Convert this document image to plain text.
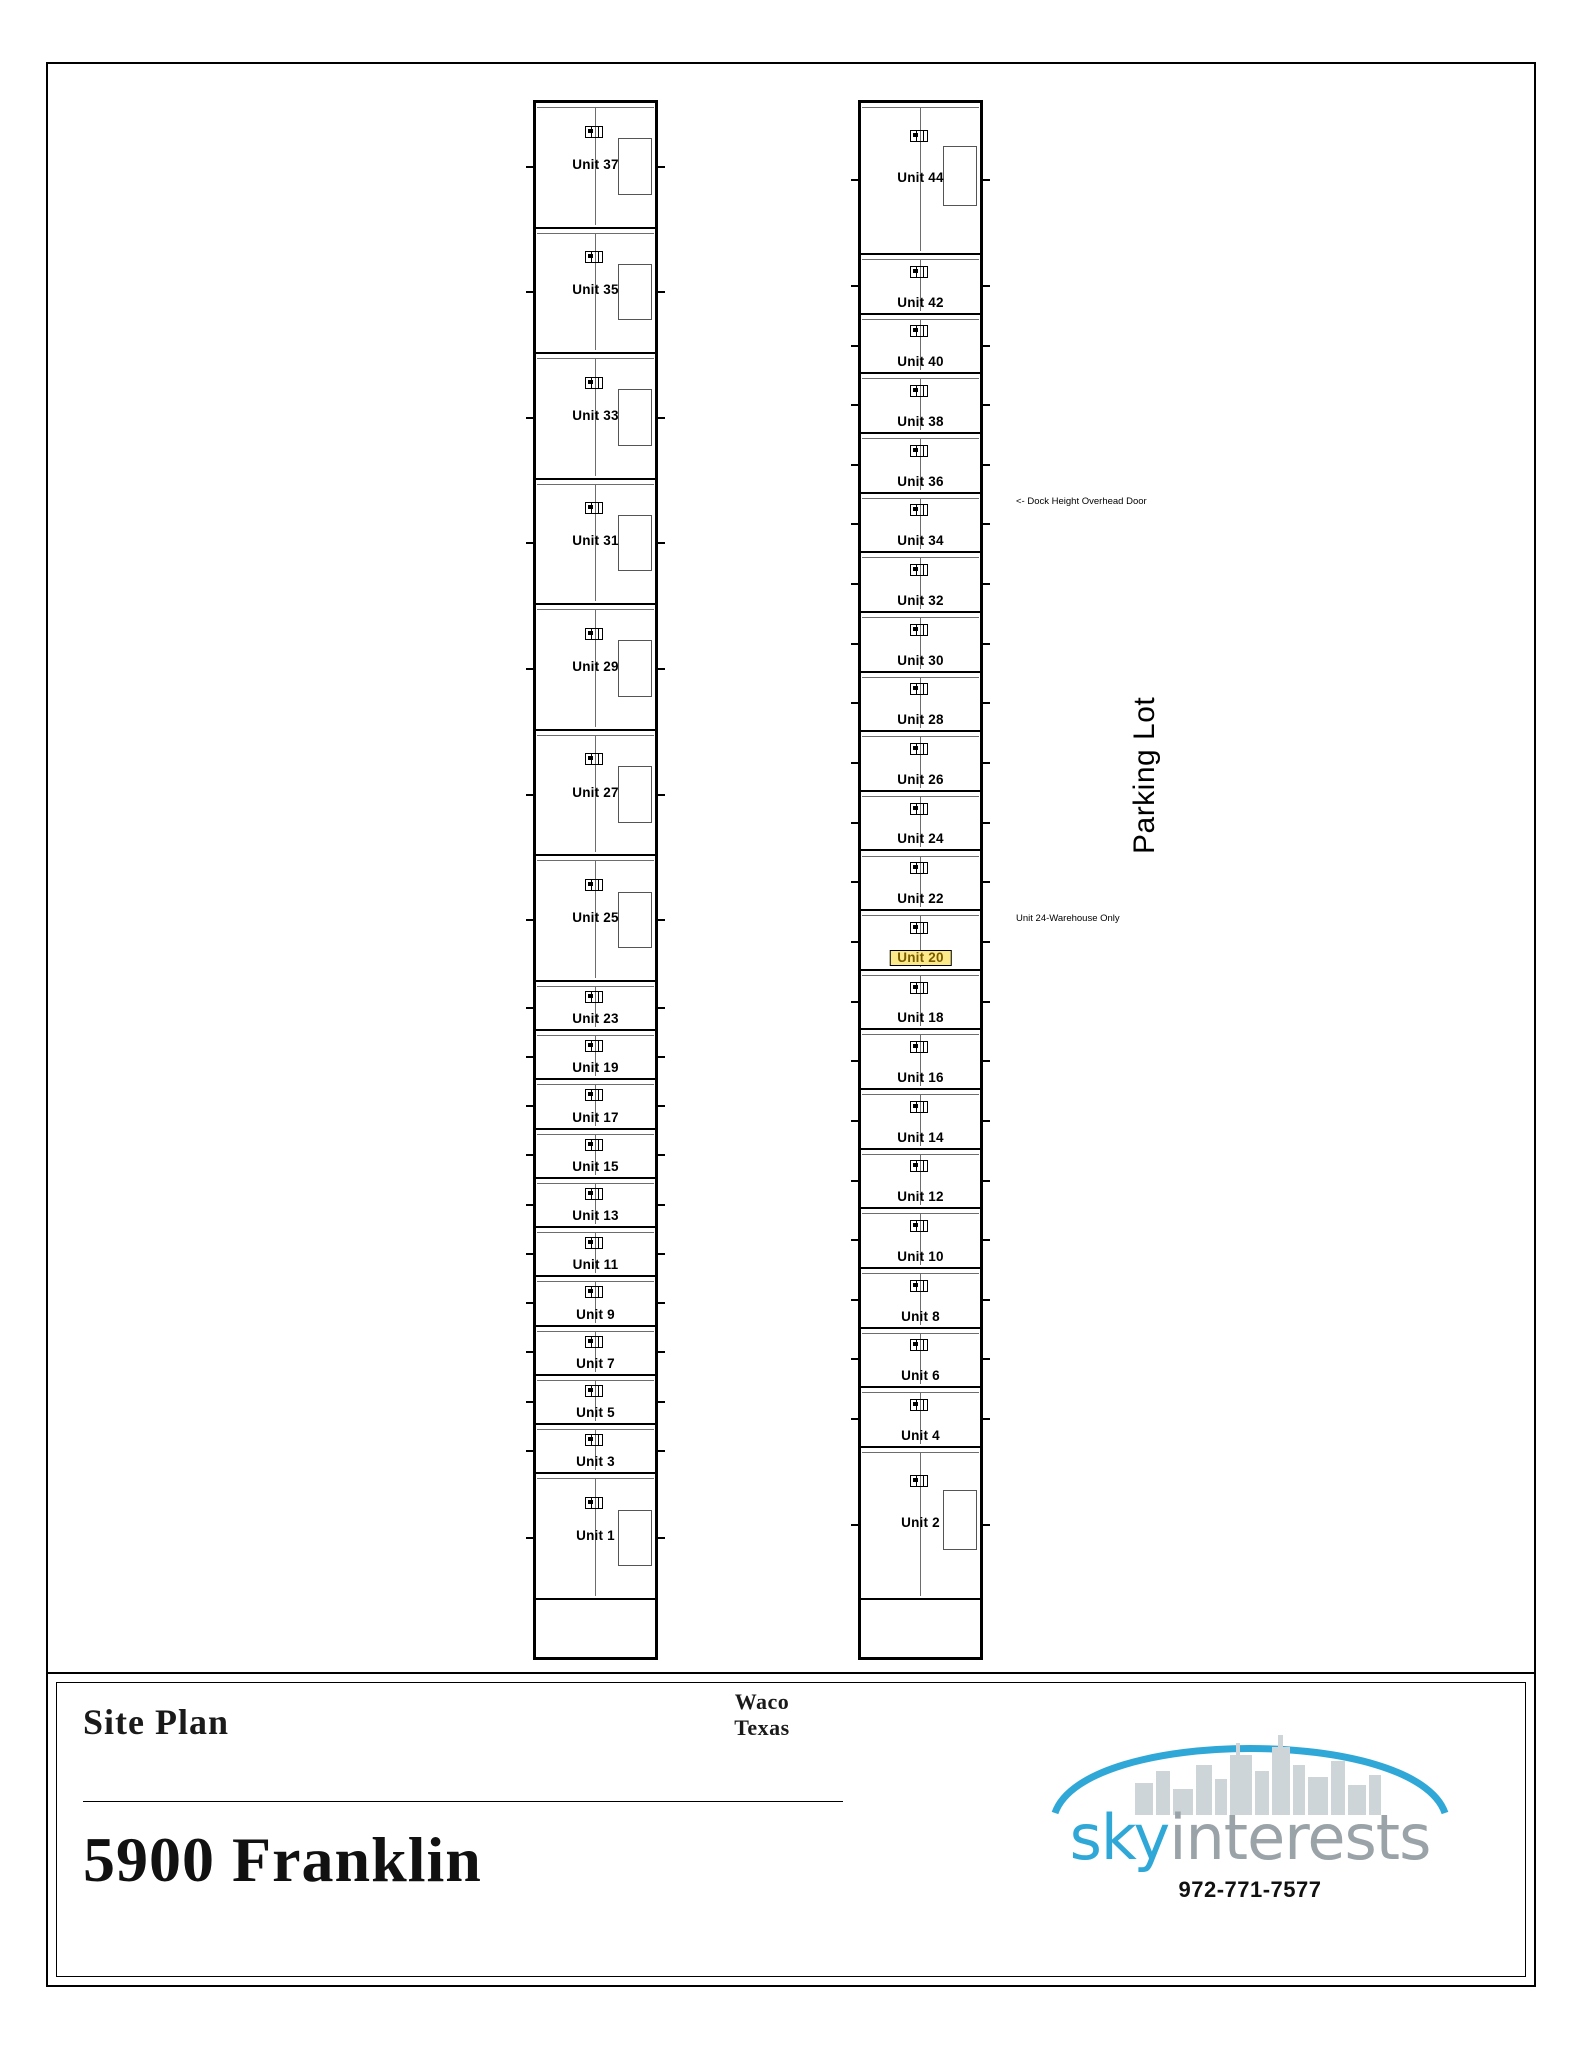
Unit 37
Unit 35
Unit 33
Unit 31
Unit 29
Unit 27
Unit 25
Unit 23
Unit 19
Unit 17
Unit 15
Unit 13
Unit 11
Unit 9
Unit 7
Unit 5
Unit 3
Unit 1
Unit 44
Unit 42
Unit 40
Unit 38
Unit 36
Unit 34
Unit 32
Unit 30
Unit 28
Unit 26
Unit 24
Unit 22
Unit 20
Unit 18
Unit 16
Unit 14
Unit 12
Unit 10
Unit 8
Unit 6
Unit 4
Unit 2
<- Dock Height Overhead Door
Unit 24-Warehouse Only
Parking Lot
Site Plan
Waco
Texas
5900 Franklin	skyinterests
972-771-7577
